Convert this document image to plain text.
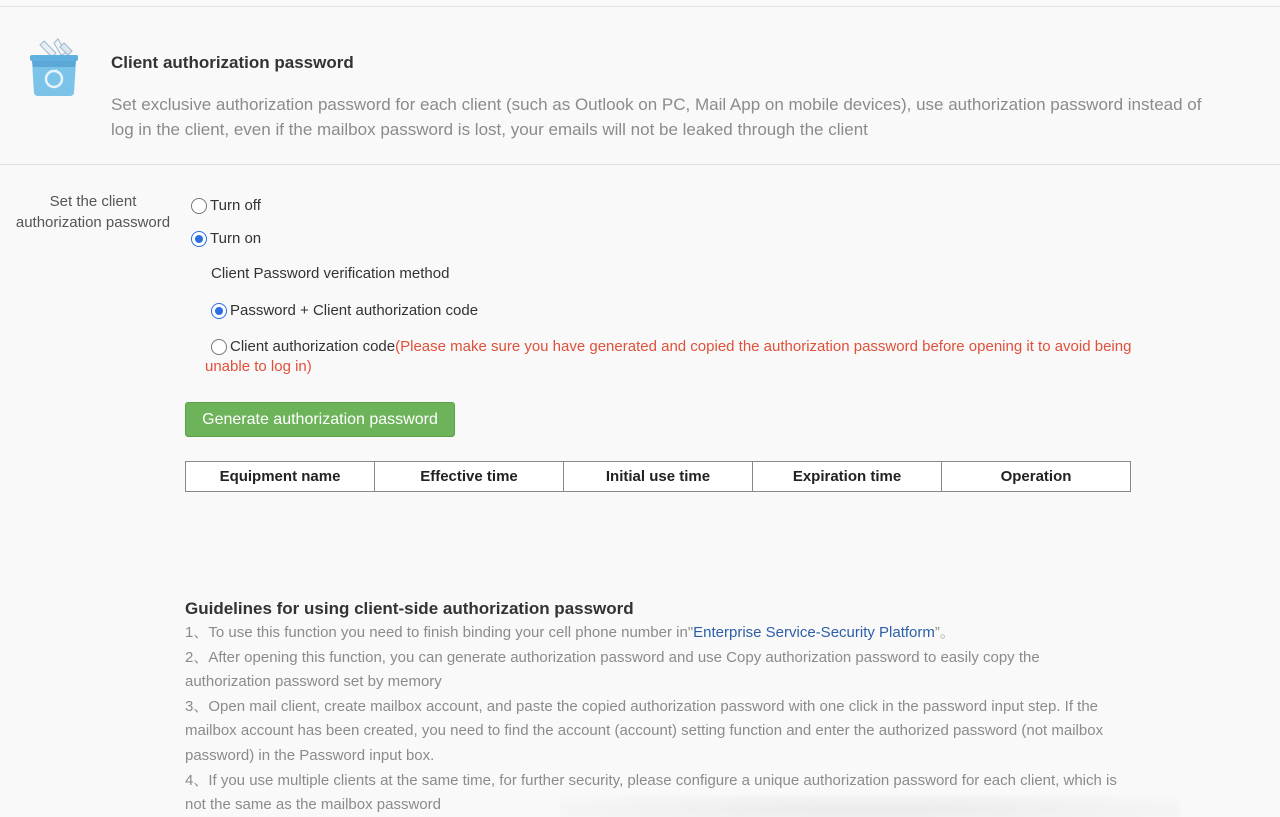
Client authorization password
Set exclusive authorization password for each client (such as Outlook on PC, Mail App on mobile devices), use authorization password instead of
log in the client, even if the mailbox password is lost, your emails will not be leaked through the client
Set the client
authorization password
Turn off
Turn on
Client Password verification method
Password + Client authorization code
Client authorization code (Please make sure you have generated and copied the authorization password before opening it to avoid being
unable to log in)
Generate authorization password
Equipment name	Effective time	Initial use time	Expiration time	Operation
Guidelines for using client-side authorization password

1、To use this function you need to finish binding your cell phone number in"Enterprise Service-Security Platform”。

2、After opening this function, you can generate authorization password and use Copy authorization password to easily copy the

authorization password set by memory

3、Open mail client, create mailbox account, and paste the copied authorization password with one click in the password input step. If the

mailbox account has been created, you need to find the account (account) setting function and enter the authorized password (not mailbox

password) in the Password input box.

4、If you use multiple clients at the same time, for further security, please configure a unique authorization password for each client, which is

not the same as the mailbox password
